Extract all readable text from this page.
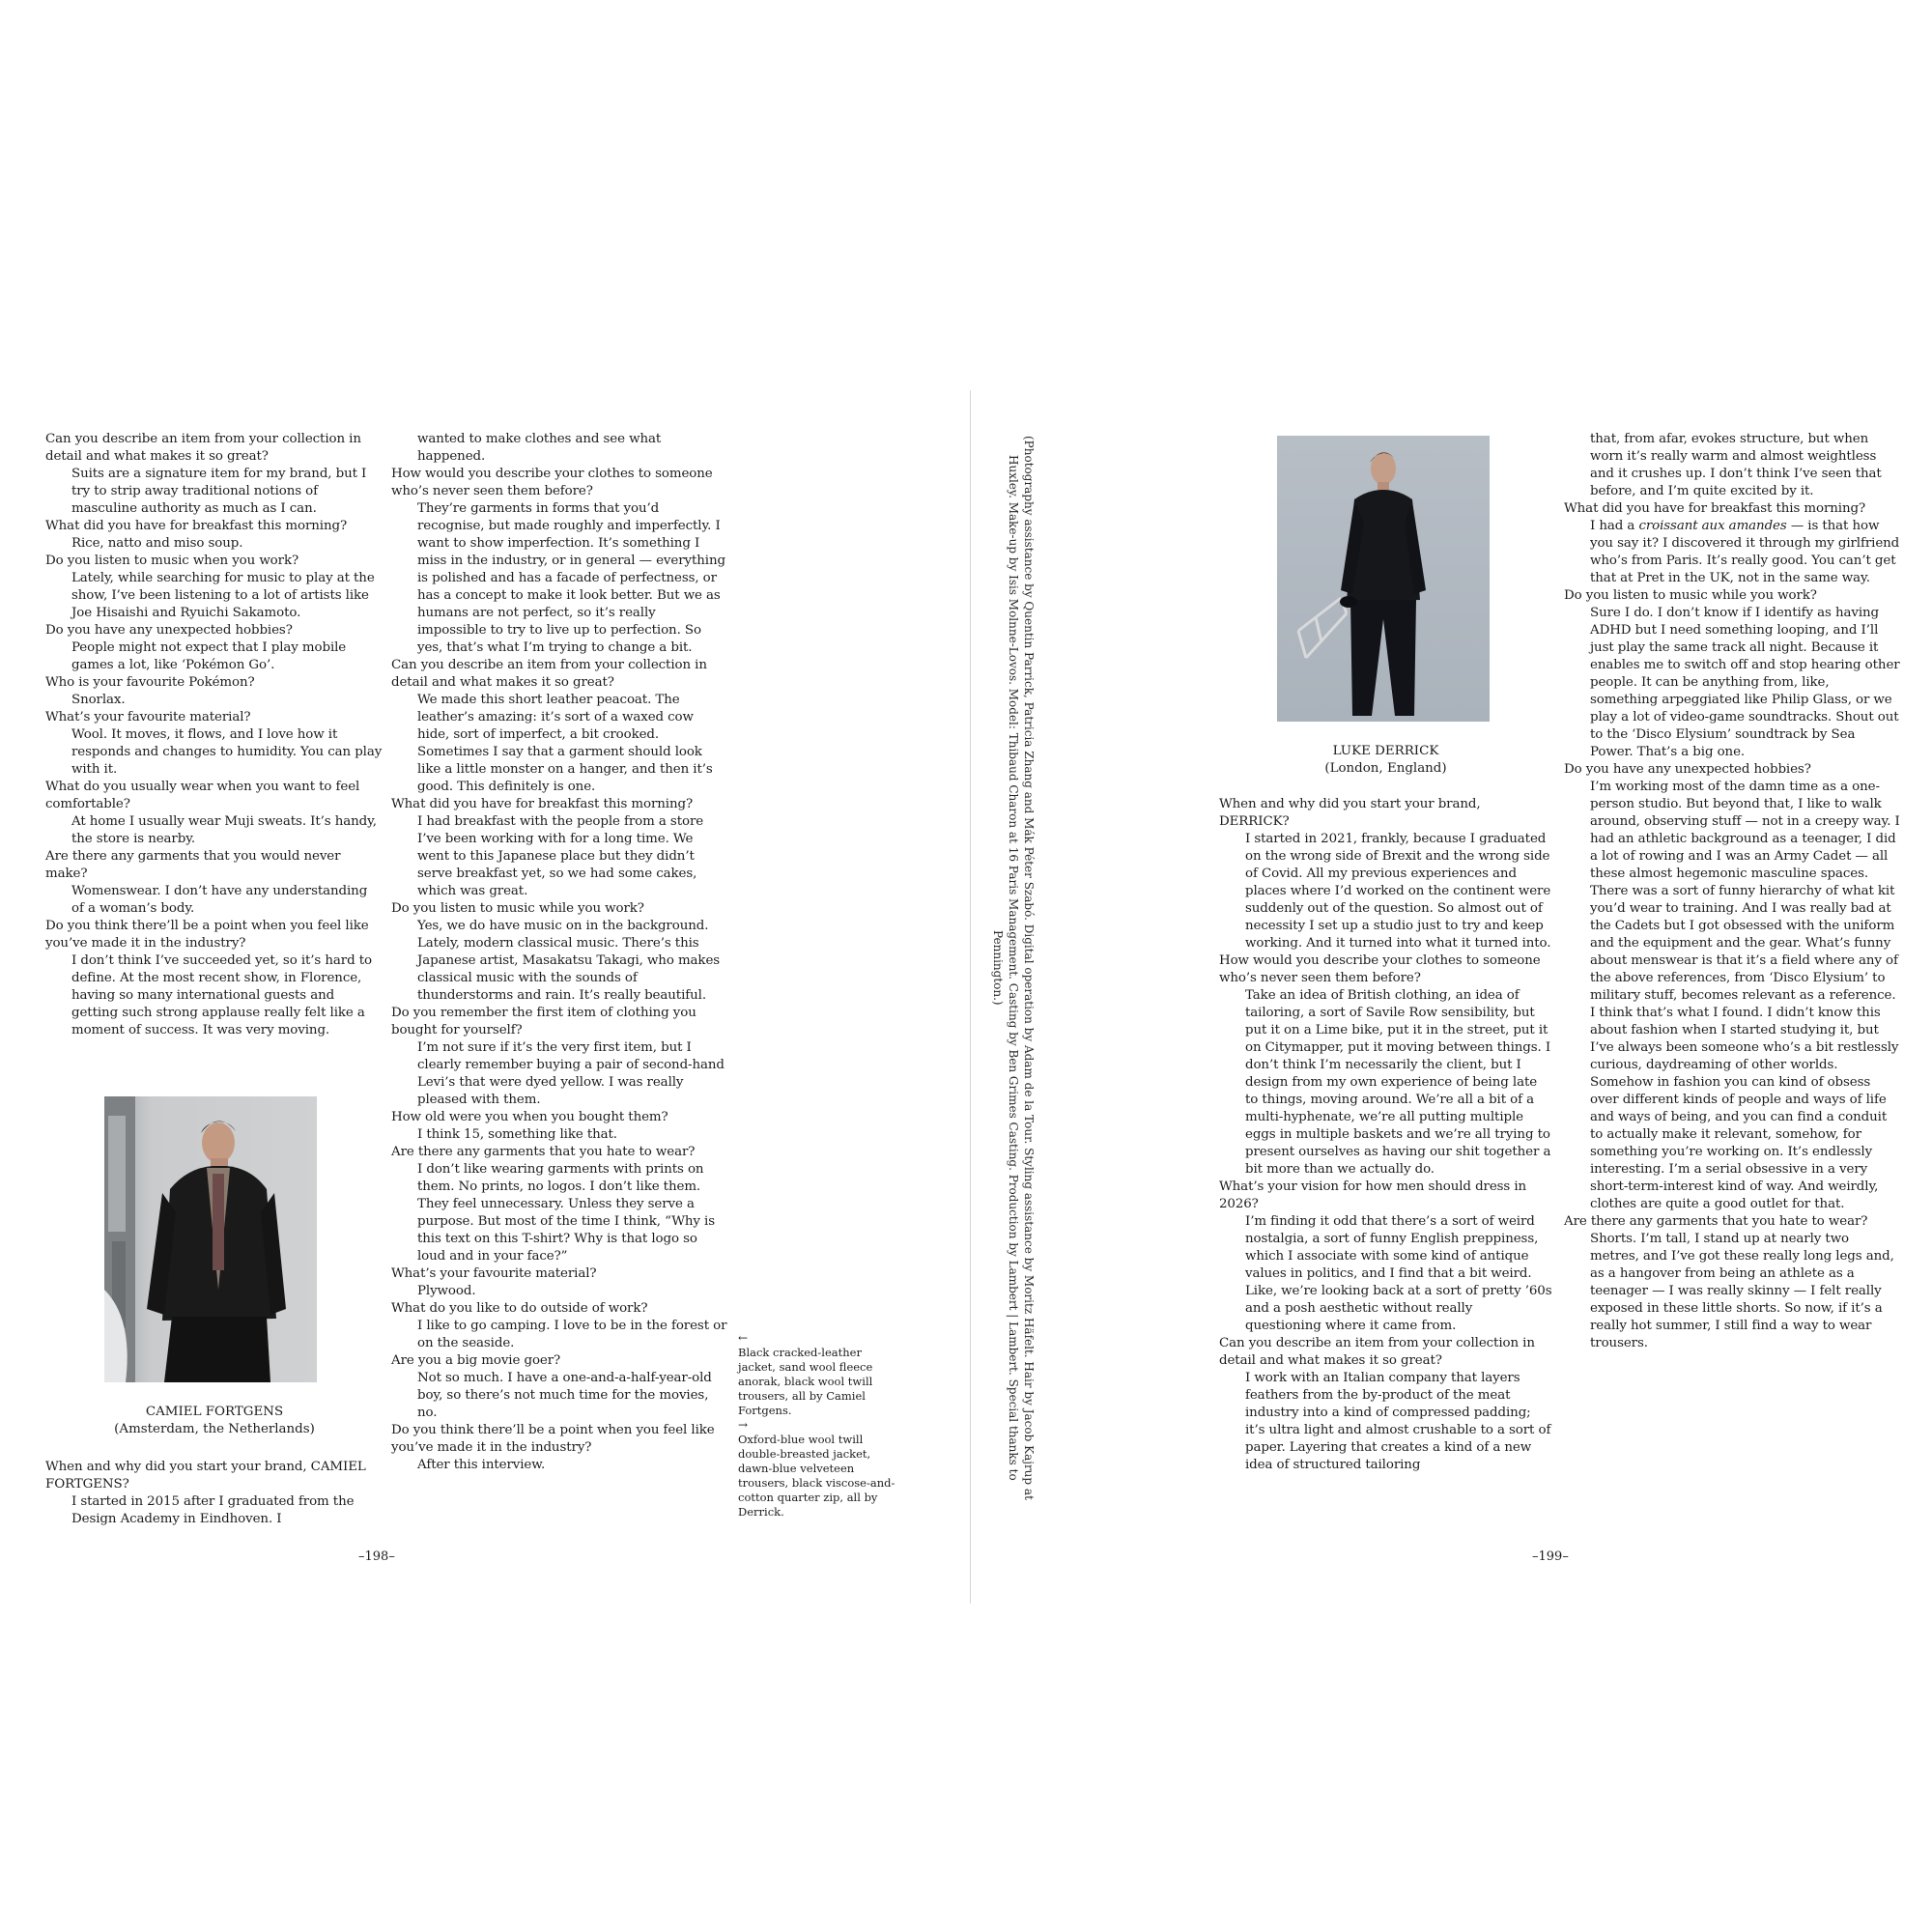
Can you describe an item from your collection in detail and what makes it so great?

Suits are a signature item for my brand, but I try to strip away traditional notions of masculine authority as much as I can.

What did you have for breakfast this morning?

Rice, natto and miso soup.

Do you listen to music when you work?

Lately, while searching for music to play at the show, I’ve been listening to a lot of artists like Joe Hisaishi and Ryuichi Sakamoto.

Do you have any unexpected hobbies?

People might not expect that I play mobile games a lot, like ‘Pokémon Go’.

Who is your favourite Pokémon?

Snorlax.

What’s your favourite material?

Wool. It moves, it flows, and I love how it responds and changes to humidity. You can play with it.

What do you usually wear when you want to feel comfortable?

At home I usually wear Muji sweats. It’s handy, the store is nearby.

Are there any garments that you would never make?

Womenswear. I don’t have any understanding of a woman’s body.

Do you think there’ll be a point when you feel like you’ve made it in the industry?

I don’t think I’ve succeeded yet, so it’s hard to define. At the most recent show, in Florence, having so many international guests and getting such strong applause really felt like a moment of success. It was very moving.

CAMIEL FORTGENS
(Amsterdam, the Netherlands)

When and why did you start your brand, CAMIEL FORTGENS?

I started in 2015 after I graduated from the Design Academy in Eindhoven. I

wanted to make clothes and see what happened.

How would you describe your clothes to someone who’s never seen them before?

They’re garments in forms that you’d recognise, but made roughly and imperfectly. I want to show imperfection. It’s something I miss in the industry, or in general — everything is polished and has a facade of perfectness, or has a concept to make it look better. But we as humans are not perfect, so it’s really impossible to try to live up to perfection. So yes, that’s what I’m trying to change a bit.

Can you describe an item from your collection in detail and what makes it so great?

We made this short leather peacoat. The leather’s amazing: it’s sort of a waxed cow hide, sort of imperfect, a bit crooked. Sometimes I say that a garment should look like a little monster on a hanger, and then it’s good. This definitely is one.

What did you have for breakfast this morning?

I had breakfast with the people from a store I’ve been working with for a long time. We went to this Japanese place but they didn’t serve breakfast yet, so we had some cakes, which was great.

Do you listen to music while you work?

Yes, we do have music on in the background. Lately, modern classical music. There’s this Japanese artist, Masakatsu Takagi, who makes classical music with the sounds of thunderstorms and rain. It’s really beautiful.

Do you remember the first item of clothing you bought for yourself?

I’m not sure if it’s the very first item, but I clearly remember buying a pair of second-hand Levi’s that were dyed yellow. I was really pleased with them.

How old were you when you bought them?

I think 15, something like that.

Are there any garments that you hate to wear?

I don’t like wearing garments with prints on them. No prints, no logos. I don’t like them. They feel unnecessary. Unless they serve a purpose. But most of the time I think, “Why is this text on this T-shirt? Why is that logo so loud and in your face?”

What’s your favourite material?

Plywood.

What do you like to do outside of work?

I like to go camping. I love to be in the forest or on the seaside.

Are you a big movie goer?

Not so much. I have a one-and-a-half-year-old boy, so there’s not much time for the movies, no.

Do you think there’ll be a point when you feel like you’ve made it in the industry?

After this interview.

←

Black cracked-leather jacket, sand wool fleece anorak, black wool twill trousers, all by Camiel Fortgens.

→

Oxford-blue wool twill double-breasted jacket, dawn-blue velveteen trousers, black viscose-and-cotton quarter zip, all by Derrick.

–198–
(Photography assistance by Quentin Parrick, Patricia Zhang and Mák Péter Szabó. Digital operation by Adam de la Tour. Styling assistance by Moritz Häfelt. Hair by Jacob Kajrup at Huxley. Make-up by Isis Molnne-Lovos. Model: Thibaud Charon at 16 Paris Management. Casting by Ben Grimes Casting. Production by Lambert | Lambert. Special thanks to Pennington.)
LUKE DERRICK
(London, England)

When and why did you start your brand, DERRICK?

I started in 2021, frankly, because I graduated on the wrong side of Brexit and the wrong side of Covid. All my previous experiences and places where I’d worked on the continent were suddenly out of the question. So almost out of necessity I set up a studio just to try and keep working. And it turned into what it turned into.

How would you describe your clothes to someone who’s never seen them before?

Take an idea of British clothing, an idea of tailoring, a sort of Savile Row sensibility, but put it on a Lime bike, put it in the street, put it on Citymapper, put it moving between things. I don’t think I’m necessarily the client, but I design from my own experience of being late to things, moving around. We’re all a bit of a multi-hyphenate, we’re all putting multiple eggs in multiple baskets and we’re all trying to present ourselves as having our shit together a bit more than we actually do.

What’s your vision for how men should dress in 2026?

I’m finding it odd that there’s a sort of weird nostalgia, a sort of funny English preppiness, which I associate with some kind of antique values in politics, and I find that a bit weird. Like, we’re looking back at a sort of pretty ’60s and a posh aesthetic without really questioning where it came from.

Can you describe an item from your collection in detail and what makes it so great?

I work with an Italian company that layers feathers from the by-product of the meat industry into a kind of compressed padding; it’s ultra light and almost crushable to a sort of paper. Layering that creates a kind of a new idea of structured tailoring

that, from afar, evokes structure, but when worn it’s really warm and almost weightless and it crushes up. I don’t think I’ve seen that before, and I’m quite excited by it.

What did you have for breakfast this morning?

I had a croissant aux amandes — is that how you say it? I discovered it through my girlfriend who’s from Paris. It’s really good. You can’t get that at Pret in the UK, not in the same way.

Do you listen to music while you work?

Sure I do. I don’t know if I identify as having ADHD but I need something looping, and I’ll just play the same track all night. Because it enables me to switch off and stop hearing other people. It can be anything from, like, something arpeggiated like Philip Glass, or we play a lot of video-game soundtracks. Shout out to the ‘Disco Elysium’ soundtrack by Sea Power. That’s a big one.

Do you have any unexpected hobbies?

I’m working most of the damn time as a one-person studio. But beyond that, I like to walk around, observing stuff — not in a creepy way. I had an athletic background as a teenager, I did a lot of rowing and I was an Army Cadet — all these almost hegemonic masculine spaces. There was a sort of funny hierarchy of what kit you’d wear to training. And I was really bad at the Cadets but I got obsessed with the uniform and the equipment and the gear. What’s funny about menswear is that it’s a field where any of the above references, from ‘Disco Elysium’ to military stuff, becomes relevant as a reference. I think that’s what I found. I didn’t know this about fashion when I started studying it, but I’ve always been someone who’s a bit restlessly curious, daydreaming of other worlds. Somehow in fashion you can kind of obsess over different kinds of people and ways of life and ways of being, and you can find a conduit to actually make it relevant, somehow, for something you’re working on. It’s endlessly interesting. I’m a serial obsessive in a very short-term-interest kind of way. And weirdly, clothes are quite a good outlet for that.

Are there any garments that you hate to wear?

Shorts. I’m tall, I stand up at nearly two metres, and I’ve got these really long legs and, as a hangover from being an athlete as a teenager — I was really skinny — I felt really exposed in these little shorts. So now, if it’s a really hot summer, I still find a way to wear trousers.

–199–
